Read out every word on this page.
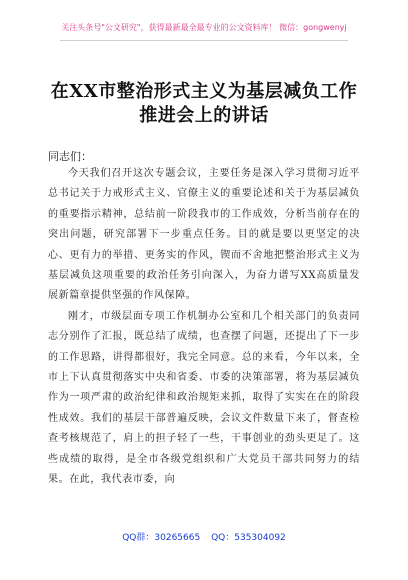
关注头条号"公文研究"，获得最新最全最专业的公文资料库！ 微信：gongwenyj
在XX市整治形式主义为基层减负工作
推进会上的讲话
同志们：

今天我们召开这次专题会议，主要任务是深入学习贯彻习近平总书记关于力戒形式主义、官僚主义的重要论述和关于为基层减负的重要指示精神，总结前一阶段我市的工作成效，分析当前存在的突出问题，研究部署下一步重点任务。目的就是要以更坚定的决心、更有力的举措、更务实的作风，锲而不舍地把整治形式主义为基层减负这项重要的政治任务引向深入，为奋力谱写XX高质量发展新篇章提供坚强的作风保障。

刚才，市级层面专项工作机制办公室和几个相关部门的负责同志分别作了汇报，既总结了成绩，也查摆了问题，还提出了下一步的工作思路，讲得都很好，我完全同意。总的来看，今年以来，全市上下认真贯彻落实中央和省委、市委的决策部署，将为基层减负作为一项严肃的政治纪律和政治规矩来抓，取得了实实在在的阶段性成效。我们的基层干部普遍反映，会议文件数量下来了，督查检查考核规范了，肩上的担子轻了一些，干事创业的劲头更足了。这些成绩的取得，是全市各级党组织和广大党员干部共同努力的结果。在此，我代表市委，向

QQ群：30265665 QQ：535304092
